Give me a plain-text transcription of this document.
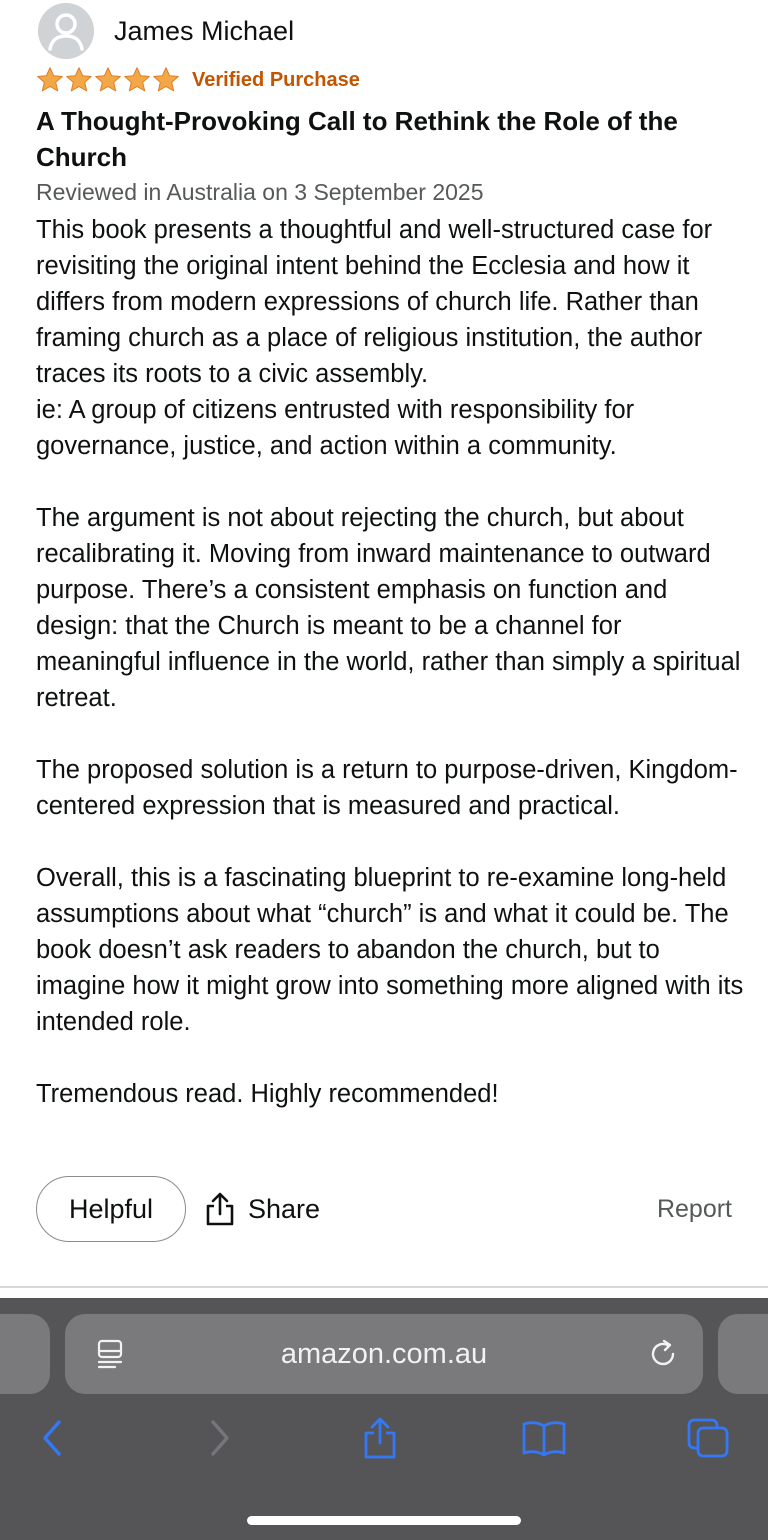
James Michael
Verified Purchase
A Thought-Provoking Call to Rethink the Role of the Church
Reviewed in Australia on 3 September 2025

This book presents a thoughtful and well-structured case for revisiting the original intent behind the Ecclesia and how it differs from modern expressions of church life. Rather than framing church as a place of religious institution, the author traces its roots to a civic assembly.
ie: A group of citizens entrusted with responsibility for governance, justice, and action within a community.

The argument is not about rejecting the church, but about recalibrating it. Moving from inward maintenance to outward purpose. There’s a consistent emphasis on function and design: that the Church is meant to be a channel for meaningful influence in the world, rather than simply a spiritual retreat.

The proposed solution is a return to purpose-driven, Kingdom-centered expression that is measured and practical.

Overall, this is a fascinating blueprint to re-examine long-held assumptions about what “church” is and what it could be. The book doesn’t ask readers to abandon the church, but to imagine how it might grow into something more aligned with its intended role.

Tremendous read. Highly recommended!

Helpful	Share	Report
amazon.com.au
